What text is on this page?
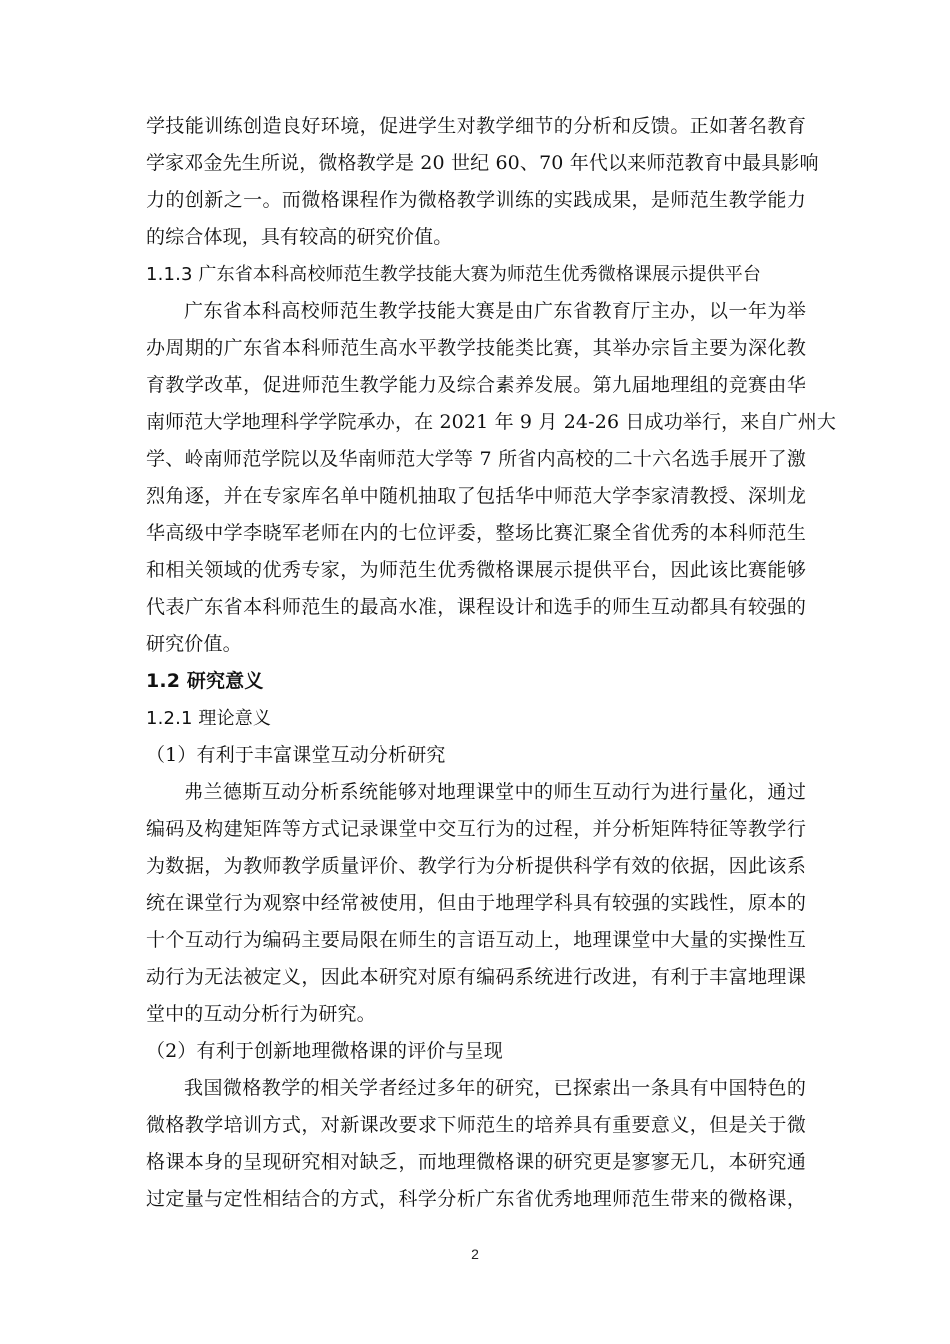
学技能训练创造良好环境，促进学生对教学细节的分析和反馈。正如著名教育
学家邓金先生所说，微格教学是 20 世纪 60、70 年代以来师范教育中最具影响
力的创新之一。而微格课程作为微格教学训练的实践成果，是师范生教学能力
的综合体现，具有较高的研究价值。
1.1.3 广东省本科高校师范生教学技能大赛为师范生优秀微格课展示提供平台
广东省本科高校师范生教学技能大赛是由广东省教育厅主办，以一年为举
办周期的广东省本科师范生高水平教学技能类比赛，其举办宗旨主要为深化教
育教学改革，促进师范生教学能力及综合素养发展。第九届地理组的竞赛由华
南师范大学地理科学学院承办，在 2021 年 9 月 24-26 日成功举行，来自广州大
学、岭南师范学院以及华南师范大学等 7 所省内高校的二十六名选手展开了激
烈角逐，并在专家库名单中随机抽取了包括华中师范大学李家清教授、深圳龙
华高级中学李晓军老师在内的七位评委，整场比赛汇聚全省优秀的本科师范生
和相关领域的优秀专家，为师范生优秀微格课展示提供平台，因此该比赛能够
代表广东省本科师范生的最高水准，课程设计和选手的师生互动都具有较强的
研究价值。
1.2 研究意义
1.2.1 理论意义
（1）有利于丰富课堂互动分析研究
弗兰德斯互动分析系统能够对地理课堂中的师生互动行为进行量化，通过
编码及构建矩阵等方式记录课堂中交互行为的过程，并分析矩阵特征等教学行
为数据，为教师教学质量评价、教学行为分析提供科学有效的依据，因此该系
统在课堂行为观察中经常被使用，但由于地理学科具有较强的实践性，原本的
十个互动行为编码主要局限在师生的言语互动上，地理课堂中大量的实操性互
动行为无法被定义，因此本研究对原有编码系统进行改进，有利于丰富地理课
堂中的互动分析行为研究。
（2）有利于创新地理微格课的评价与呈现
我国微格教学的相关学者经过多年的研究，已探索出一条具有中国特色的
微格教学培训方式，对新课改要求下师范生的培养具有重要意义，但是关于微
格课本身的呈现研究相对缺乏，而地理微格课的研究更是寥寥无几，本研究通
过定量与定性相结合的方式，科学分析广东省优秀地理师范生带来的微格课，
2
